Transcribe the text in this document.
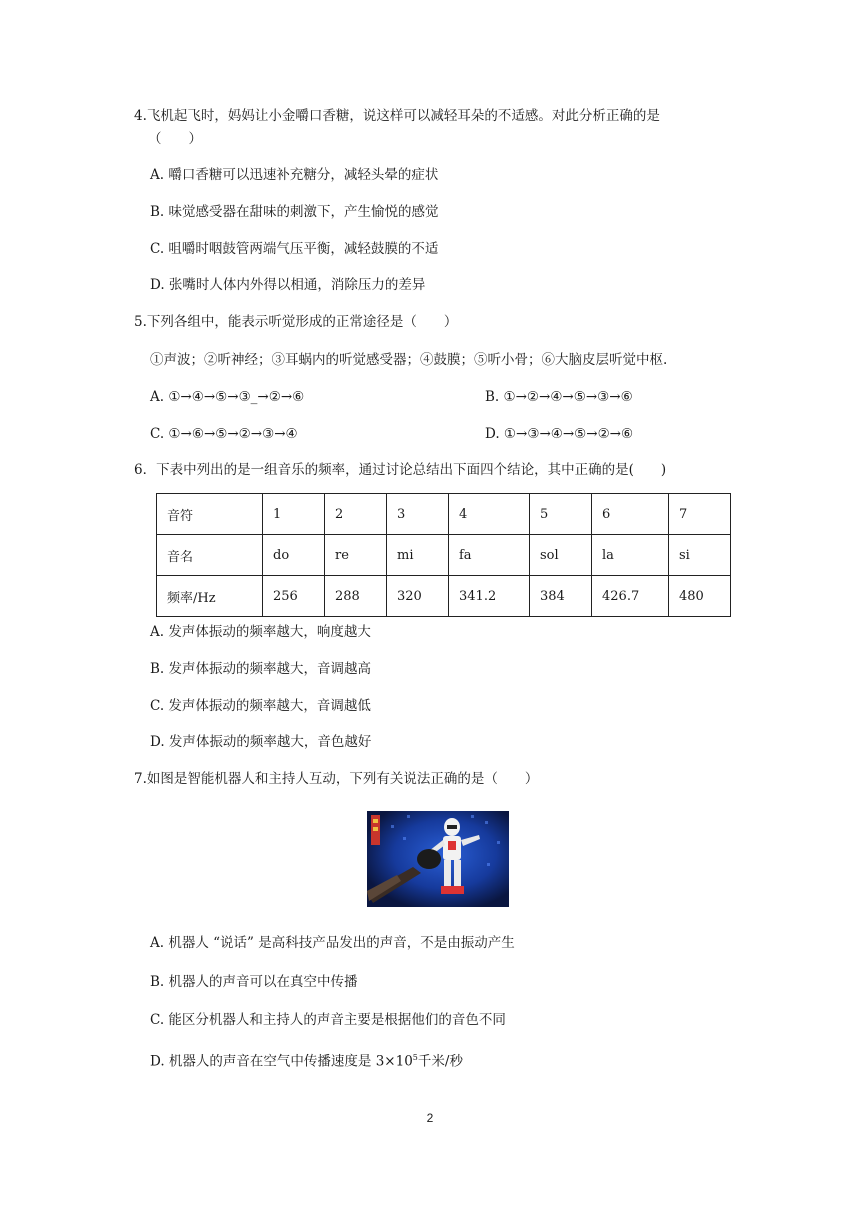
4.飞机起飞时，妈妈让小金嚼口香糖，说这样可以减轻耳朵的不适感。对此分析正确的是
（　　）
A. 嚼口香糖可以迅速补充糖分，减轻头晕的症状
B. 味觉感受器在甜味的刺激下，产生愉悦的感觉
C. 咀嚼时咽鼓管两端气压平衡，减轻鼓膜的不适
D. 张嘴时人体内外得以相通，消除压力的差异
5.下列各组中，能表示听觉形成的正常途径是（　　）
①声波；②听神经；③耳蜗内的听觉感受器；④鼓膜；⑤听小骨；⑥大脑皮层听觉中枢.
A. ①→④→⑤→③_→②→⑥	B. ①→②→④→⑤→③→⑥
C. ①→⑥→⑤→②→③→④	D. ①→③→④→⑤→②→⑥
6．下表中列出的是一组音乐的频率，通过讨论总结出下面四个结论，其中正确的是(　　)
音符	1	2	3	4	5	6	7
音名	do	re	mi	fa	sol	la	si
频率/Hz	256	288	320	341.2	384	426.7	480
A. 发声体振动的频率越大，响度越大
B. 发声体振动的频率越大，音调越高
C. 发声体振动的频率越大，音调越低
D. 发声体振动的频率越大，音色越好
7.如图是智能机器人和主持人互动，下列有关说法正确的是（　　）
A. 机器人 “说话” 是高科技产品发出的声音，不是由振动产生
B. 机器人的声音可以在真空中传播
C. 能区分机器人和主持人的声音主要是根据他们的音色不同
D. 机器人的声音在空气中传播速度是 $3\times 10^5$千米/秒
2
